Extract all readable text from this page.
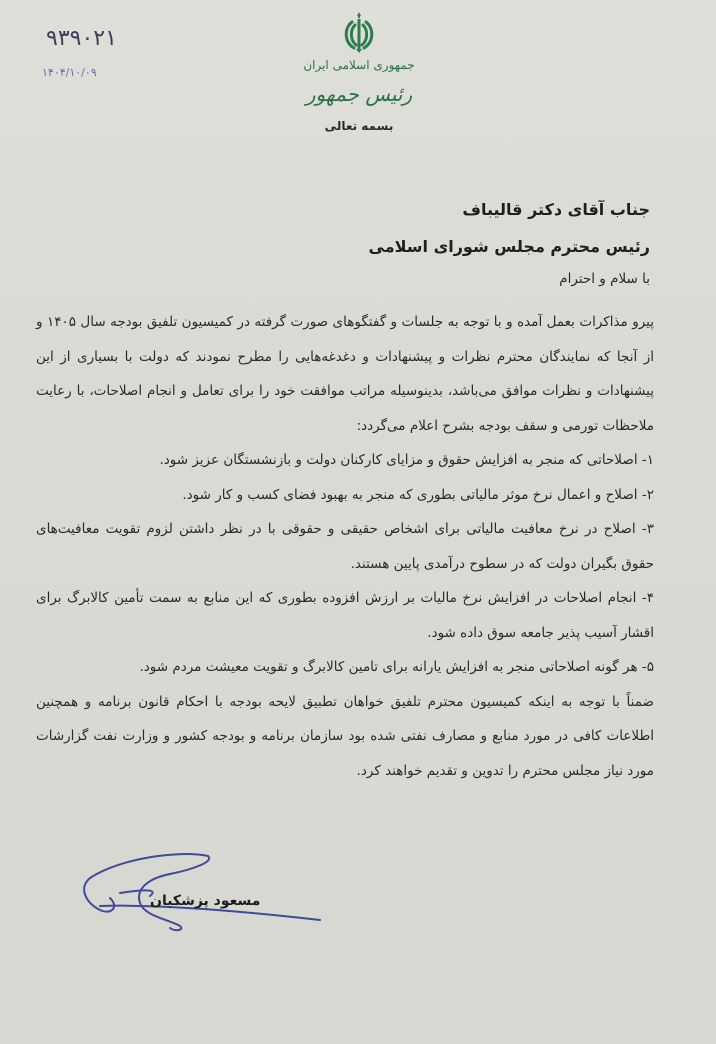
۱۲۰۹۳۹
۱۴۰۴/۱۰/۰۹
جمهوری اسلامی ایران
رئیس جمهور
بسمه تعالی
جناب آقای دکتر قالیباف
رئیس محترم مجلس شورای اسلامی
با سلام و احترام

پیرو مذاکرات بعمل آمده و با توجه به جلسات و گفتگوهای صورت گرفته در کمیسیون تلفیق بودجه سال ۱۴۰۵ و از آنجا که نمایندگان محترم نظرات و پیشنهادات و دغدغه‌هایی را مطرح نمودند که دولت با بسیاری از این پیشنهادات و نظرات موافق می‌باشد، بدینوسیله مراتب موافقت خود را برای تعامل و انجام اصلاحات، با رعایت ملاحظات تورمی و سقف بودجه بشرح اعلام می‌گردد:

۱- اصلاحاتی که منجر به افزایش حقوق و مزایای کارکنان دولت و بازنشستگان عزیز شود.

۲- اصلاح و اعمال نرخ موثر مالیاتی بطوری که منجر به بهبود فضای کسب و کار شود.

۳- اصلاح در نرخ معافیت مالیاتی برای اشخاص حقیقی و حقوقی با در نظر داشتن لزوم تقویت معافیت‌های حقوق بگیران دولت که در سطوح درآمدی پایین هستند.

۴- انجام اصلاحات در افزایش نرخ مالیات بر ارزش افزوده بطوری که این منابع به سمت تأمین کالابرگ برای اقشار آسیب پذیر جامعه سوق داده شود.

۵- هر گونه اصلاحاتی منجر به افزایش یارانه برای تامین کالابرگ و تقویت معیشت مردم شود.

ضمناً با توجه به اینکه کمیسیون محترم تلفیق خواهان تطبیق لایحه بودجه با احکام قانون برنامه و همچنین اطلاعات کافی در مورد منابع و مصارف نفتی شده بود سازمان برنامه و بودجه کشور و وزارت نفت گزارشات مورد نیاز مجلس محترم را تدوین و تقدیم خواهند کرد.

مسعود پزشکیان
